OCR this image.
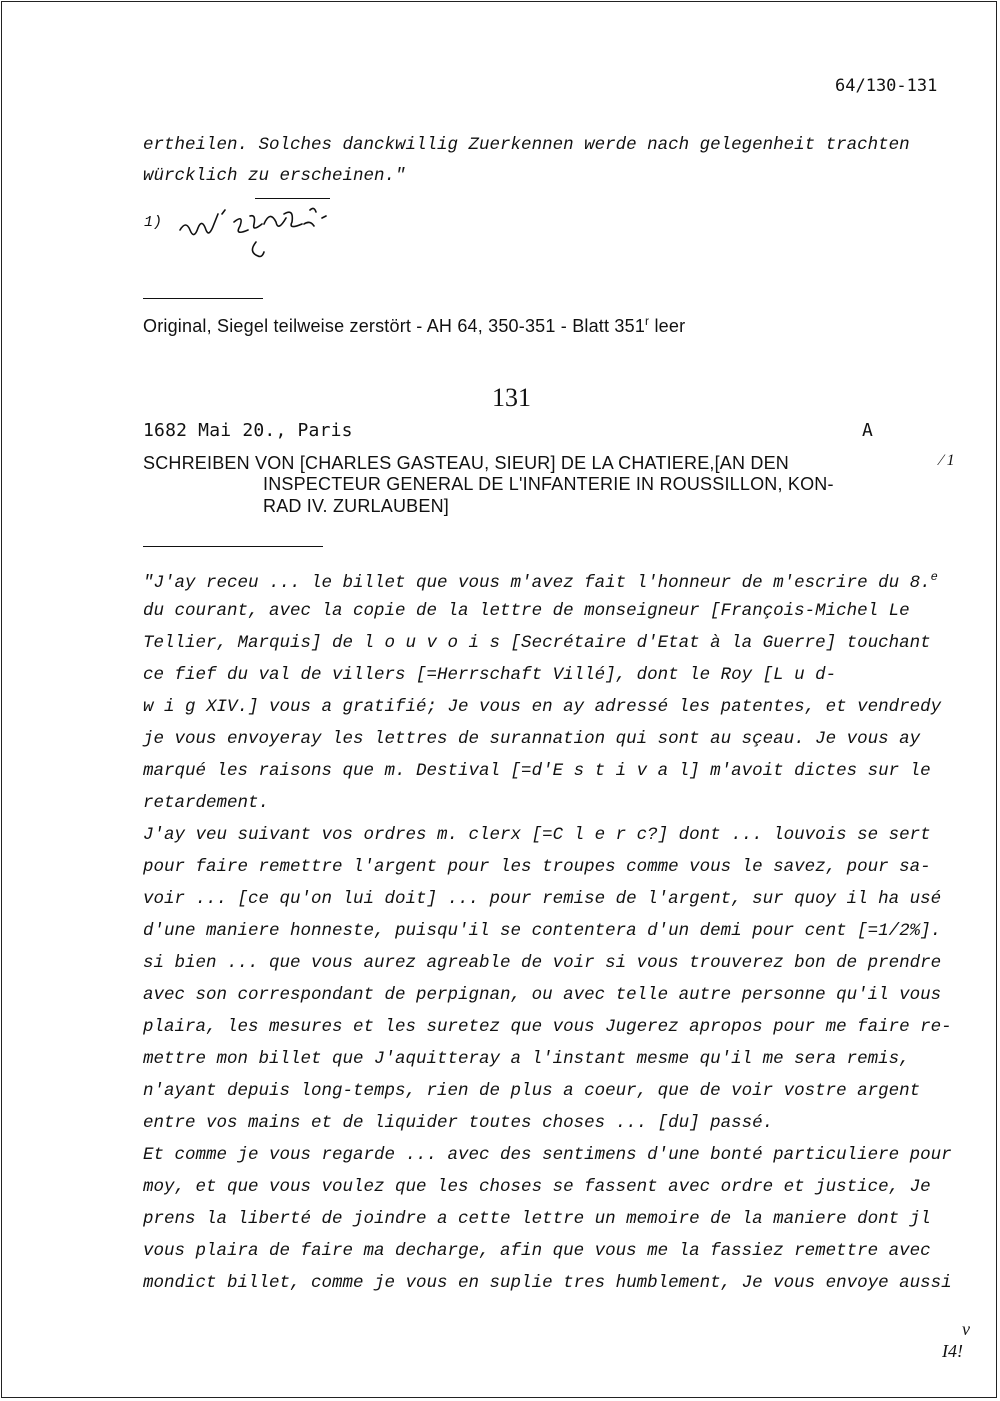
64/130-131
ertheilen. Solches danckwillig Zuerkennen werde nach gelegenheit trachten
würcklich zu erscheinen."
1)
Original, Siegel teilweise zerstört - AH 64, 350-351 - Blatt 351$^r$ leer
131
1682 Mai 20., Paris	A
SCHREIBEN VON [CHARLES GASTEAU, SIEUR] DE LA CHATIERE,[AN DEN
INSPECTEUR GENERAL DE L'INFANTERIE IN ROUSSILLON, KON-
RAD IV. ZURLAUBEN]
⁄ 1
"J'ay receu ... le billet que vous m'avez fait l'honneur de m'escrire du 8.$^e$
du courant, avec la copie de la lettre de monseigneur [François-Michel Le
Tellier, Marquis] de l o u v o i s [Secrétaire d'Etat à la Guerre] touchant
ce fief du val de villers [=Herrschaft Villé], dont le Roy [L u d-
w i g XIV.] vous a gratifié; Je vous en ay adressé les patentes, et vendredy
je vous envoyeray les lettres de surannation qui sont au sçeau. Je vous ay
marqué les raisons que m. Destival [=d'E s t i v a l] m'avoit dictes sur le
retardement.
J'ay veu suivant vos ordres m. clerx [=C l e r c?] dont ... louvois se sert
pour faire remettre l'argent pour les troupes comme vous le savez, pour sa-
voir ... [ce qu'on lui doit] ... pour remise de l'argent, sur quoy il ha usé
d'une maniere honneste, puisqu'il se contentera d'un demi pour cent [=1/2%].
si bien ... que vous aurez agreable de voir si vous trouverez bon de prendre
avec son correspondant de perpignan, ou avec telle autre personne qu'il vous
plaira, les mesures et les suretez que vous Jugerez apropos pour me faire re-
mettre mon billet que J'aquitteray a l'instant mesme qu'il me sera remis,
n'ayant depuis long-temps, rien de plus a coeur, que de voir vostre argent
entre vos mains et de liquider toutes choses ... [du] passé.
Et comme je vous regarde ... avec des sentimens d'une bonté particuliere pour
moy, et que vous voulez que les choses se fassent avec ordre et justice, Je
prens la liberté de joindre a cette lettre un memoire de la maniere dont jl
vous plaira de faire ma decharge, afin que vous me la fassiez remettre avec
mondict billet, comme je vous en suplie tres humblement, Je vous envoye aussi
v
I4!
